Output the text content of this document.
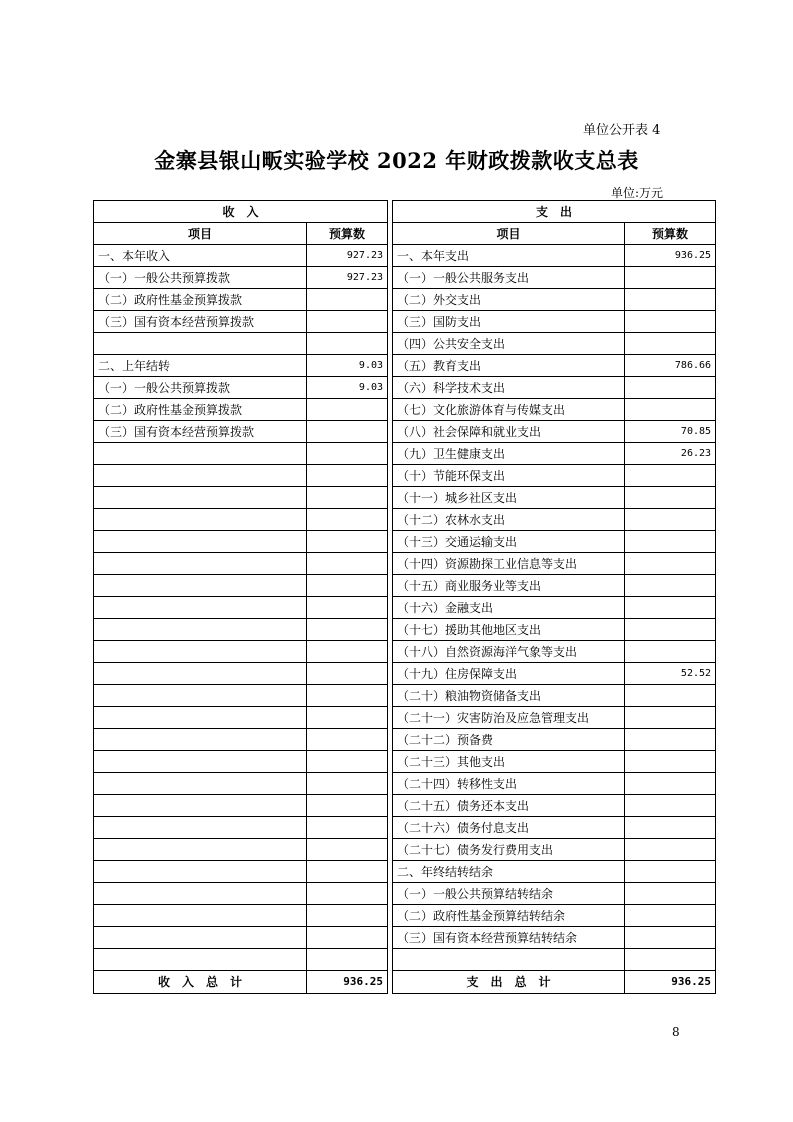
单位公开表 4
金寨县银山畈实验学校 2022 年财政拨款收支总表
单位:万元
收　入			支　出	
项目	预算数		项目	预算数
一、本年收入	927.23		一、本年支出	936.25
（一）一般公共预算拨款	927.23		（一）一般公共服务支出	
（二）政府性基金预算拨款			（二）外交支出	
（三）国有资本经营预算拨款			（三）国防支出	
			（四）公共安全支出	
二、上年结转	9.03		（五）教育支出	786.66
（一）一般公共预算拨款	9.03		（六）科学技术支出	
（二）政府性基金预算拨款			（七）文化旅游体育与传媒支出	
（三）国有资本经营预算拨款			（八）社会保障和就业支出	70.85
			（九）卫生健康支出	26.23
			（十）节能环保支出	
			（十一）城乡社区支出	
			（十二）农林水支出	
			（十三）交通运输支出	
			（十四）资源勘探工业信息等支出	
			（十五）商业服务业等支出	
			（十六）金融支出	
			（十七）援助其他地区支出	
			（十八）自然资源海洋气象等支出	
			（十九）住房保障支出	52.52
			（二十）粮油物资储备支出	
			（二十一）灾害防治及应急管理支出	
			（二十二）预备费	
			（二十三）其他支出	
			（二十四）转移性支出	
			（二十五）债务还本支出	
			（二十六）债务付息支出	
			（二十七）债务发行费用支出	
			二、年终结转结余	
			（一）一般公共预算结转结余	
			（二）政府性基金预算结转结余	
			（三）国有资本经营预算结转结余	

收　入　总　计	936.25		支　出　总　计	936.25
8
